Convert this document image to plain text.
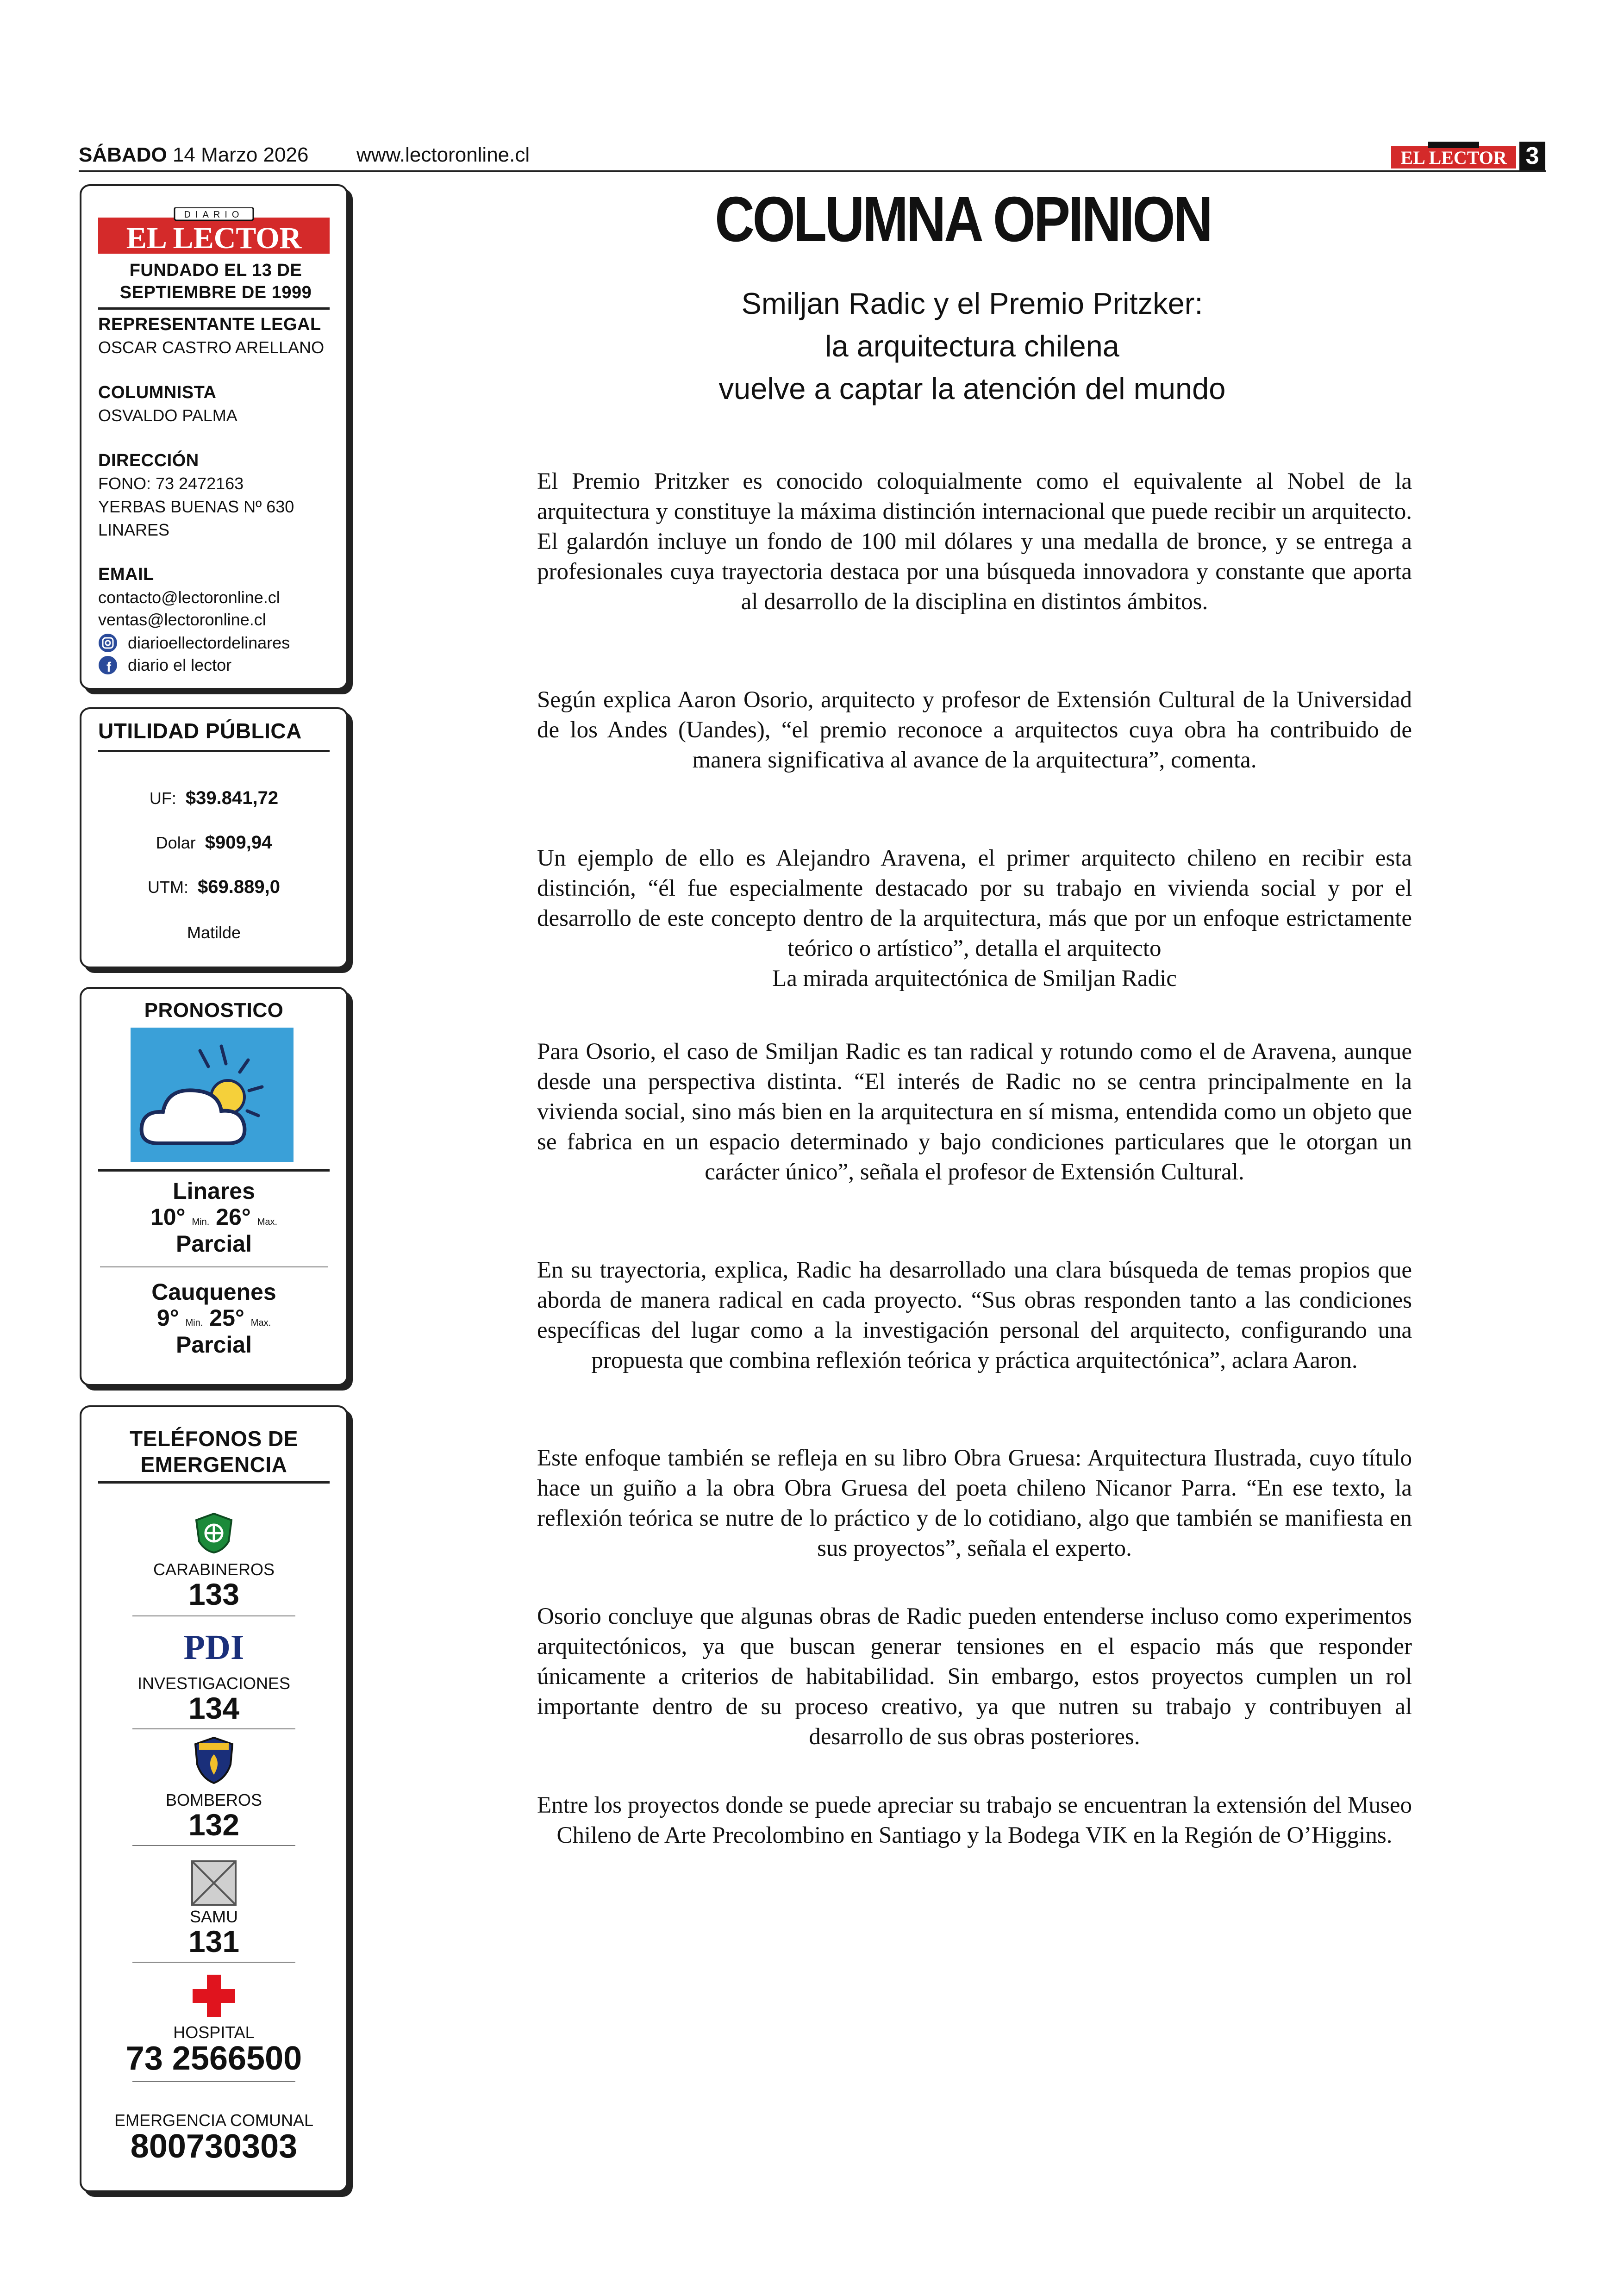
SÁBADO 14 Marzo 2026 www.lectoronline.cl	EL LECTOR 3
DIARIO
EL LECTOR
FUNDADO EL 13 DE SEPTIEMBRE DE 1999
REPRESENTANTE LEGAL
OSCAR CASTRO ARELLANO
COLUMNISTA
OSVALDO PALMA
DIRECCIÓN
FONO: 73 2472163
YERBAS BUENAS Nº 630
LINARES
EMAIL
contacto@lectoronline.cl
ventas@lectoronline.cl
diarioellectordelinares
f diario el lector
UTILIDAD PÚBLICA
UF: $39.841,72
Dolar $909,94
UTM: $69.889,0
Matilde
PRONOSTICO
Linares
10° Min. 26° Max.
Parcial
Cauquenes
9° Min. 25° Max.
Parcial
TELÉFONOS DE EMERGENCIA
CARABINEROS
133
PDI
INVESTIGACIONES
134
BOMBEROS
132
SAMU
131
HOSPITAL
73 2566500
EMERGENCIA COMUNAL
800730303
COLUMNA OPINION
Smiljan Radic y el Premio Pritzker:
la arquitectura chilena
vuelve a captar la atención del mundo
El Premio Pritzker es conocido coloquialmente como el equivalente al Nobel de la arquitectura y constituye la máxima distinción internacional que puede recibir un arquitecto. El galardón incluye un fondo de 100 mil dólares y una medalla de bronce, y se entrega a profesionales cuya trayectoria destaca por una búsqueda innovadora y constante que aporta al desarrollo de la disciplina en distintos ámbitos.
Según explica Aaron Osorio, arquitecto y profesor de Extensión Cultural de la Universidad de los Andes (Uandes), “el premio reconoce a arquitectos cuya obra ha contribuido de manera significativa al avance de la arquitectura”, comenta.
Un ejemplo de ello es Alejandro Aravena, el primer arquitecto chileno en recibir esta distinción, “él fue especialmente destacado por su trabajo en vivienda social y por el desarrollo de este concepto dentro de la arquitectura, más que por un enfoque estrictamente teórico o artístico”, detalla el arquitecto
La mirada arquitectónica de Smiljan Radic
Para Osorio, el caso de Smiljan Radic es tan radical y rotundo como el de Aravena, aunque desde una perspectiva distinta. “El interés de Radic no se centra principalmente en la vivienda social, sino más bien en la arquitectura en sí misma, entendida como un objeto que se fabrica en un espacio determinado y bajo condiciones particulares que le otorgan un carácter único”, señala el profesor de Extensión Cultural.
En su trayectoria, explica, Radic ha desarrollado una clara búsqueda de temas propios que aborda de manera radical en cada proyecto. “Sus obras responden tanto a las condiciones específicas del lugar como a la investigación personal del arquitecto, configurando una propuesta que combina reflexión teórica y práctica arquitectónica”, aclara Aaron.
Este enfoque también se refleja en su libro Obra Gruesa: Arquitectura Ilustrada, cuyo título hace un guiño a la obra Obra Gruesa del poeta chileno Nicanor Parra. “En ese texto, la reflexión teórica se nutre de lo práctico y de lo cotidiano, algo que también se manifiesta en sus proyectos”, señala el experto.
Osorio concluye que algunas obras de Radic pueden entenderse incluso como experimentos arquitectónicos, ya que buscan generar tensiones en el espacio más que responder únicamente a criterios de habitabilidad. Sin embargo, estos proyectos cumplen un rol importante dentro de su proceso creativo, ya que nutren su trabajo y contribuyen al desarrollo de sus obras posteriores.
Entre los proyectos donde se puede apreciar su trabajo se encuentran la extensión del Museo Chileno de Arte Precolombino en Santiago y la Bodega VIK en la Región de O’Higgins.
